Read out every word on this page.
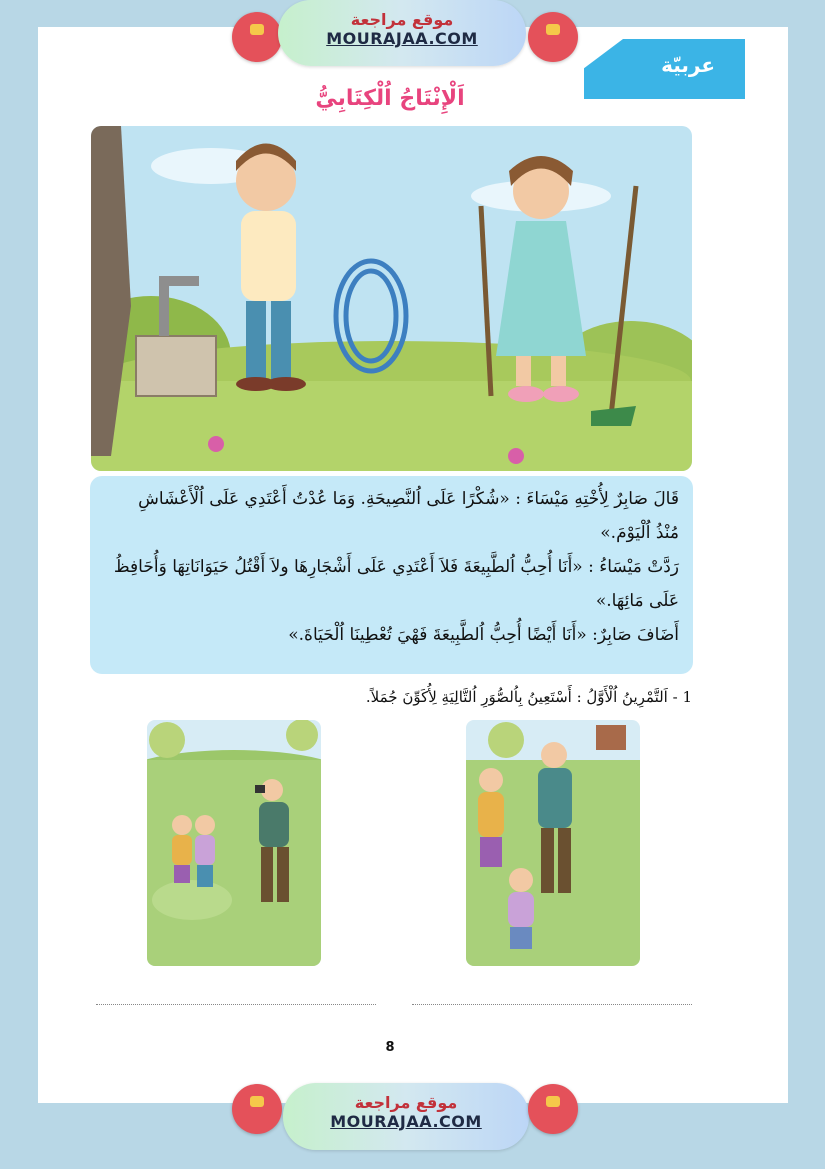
موقع مراجعة
MOURAJAA.COM
عربيّة
اَلْإِنْتَاجُ اُلْكِتَابِيُّ
قَالَ صَابِرٌ لِأُخْتِهِ مَيْسَاءَ : «شُكْرًا عَلَى اُلنَّصِيحَةِ. وَمَا عُدْتُ أَعْتَدِي عَلَى اُلْأَعْشَاشِ
مُنْذُ اُلْيَوْمَ.»
رَدَّتْ مَيْسَاءُ : «أَنَا أُحِبُّ اُلطَّبِيعَةَ فَلاَ أَعْتَدِي عَلَى أَشْجَارِهَا ولاَ أَقْتُلُ حَيَوَانَاتِهَا وَأُحَافِظُ
عَلَى مَائِهَا.»
أَضَافَ صَابِرٌ: «أَنَا أَيْضًا أُحِبُّ اُلطَّبِيعَةَ فَهْيَ تُعْطِينَا اُلْحَيَاةَ.»
1 - اَلتَّمْرِينُ اُلْأَوَّلُ : أَسْتَعِينُ بِاُلصُّوَرِ اُلتَّالِيَةِ لِأُكَوِّنَ جُمَلاً.
8
موقع مراجعة
MOURAJAA.COM
